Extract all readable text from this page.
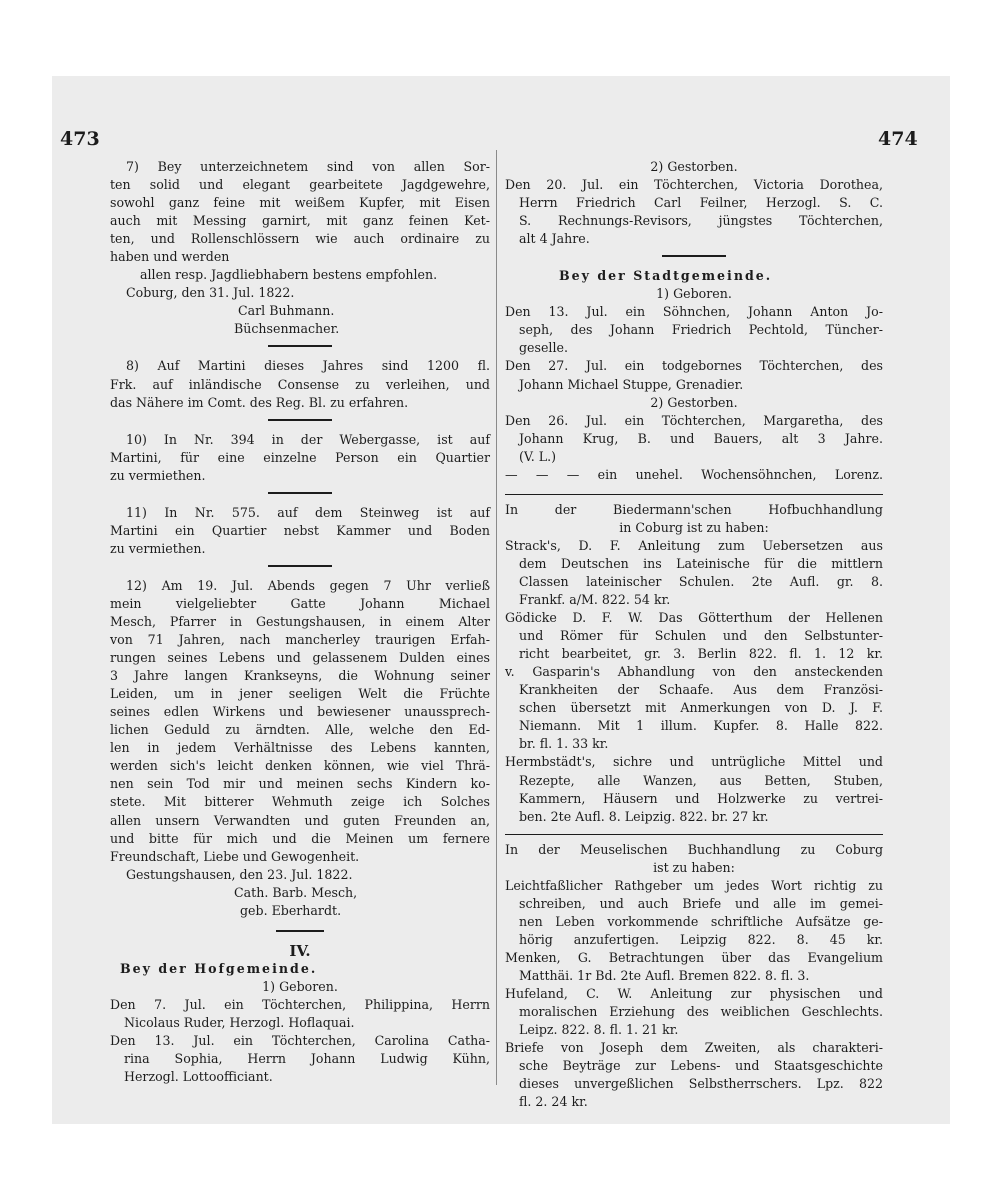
473	474
7) Bey unterzeichnetem sind von allen Sor-
ten solid und elegant gearbeitete Jagdgewehre,
sowohl ganz feine mit weißem Kupfer, mit Eisen
auch mit Messing garnirt, mit ganz feinen Ket-
ten, und Rollenschlössern wie auch ordinaire zu
haben und werden
allen resp. Jagdliebhabern bestens empfohlen.
Coburg, den 31. Jul. 1822.
Carl Buhmann.
Büchsenmacher.
8) Auf Martini dieses Jahres sind 1200 fl.
Frk. auf inländische Consense zu verleihen, und
das Nähere im Comt. des Reg. Bl. zu erfahren.
10) In Nr. 394 in der Webergasse, ist auf
Martini, für eine einzelne Person ein Quartier
zu vermiethen.
11) In Nr. 575. auf dem Steinweg ist auf
Martini ein Quartier nebst Kammer und Boden
zu vermiethen.
12) Am 19. Jul. Abends gegen 7 Uhr verließ
mein vielgeliebter Gatte Johann Michael
Mesch, Pfarrer in Gestungshausen, in einem Alter
von 71 Jahren, nach mancherley traurigen Erfah-
rungen seines Lebens und gelassenem Dulden eines
3 Jahre langen Krankseyns, die Wohnung seiner
Leiden, um in jener seeligen Welt die Früchte
seines edlen Wirkens und bewiesener unaussprech-
lichen Geduld zu ärndten. Alle, welche den Ed-
len in jedem Verhältnisse des Lebens kannten,
werden sich's leicht denken können, wie viel Thrä-
nen sein Tod mir und meinen sechs Kindern ko-
stete. Mit bitterer Wehmuth zeige ich Solches
allen unsern Verwandten und guten Freunden an,
und bitte für mich und die Meinen um fernere
Freundschaft, Liebe und Gewogenheit.
Gestungshausen, den 23. Jul. 1822.
Cath. Barb. Mesch,
geb. Eberhardt.
IV.
Bey der Hofgemeinde.
1) Geboren.
Den 7. Jul. ein Töchterchen, Philippina, Herrn
Nicolaus Ruder, Herzogl. Hoflaquai.
Den 13. Jul. ein Töchterchen, Carolina Catha-
rina Sophia, Herrn Johann Ludwig Kühn,
Herzogl. Lottoofficiant.
2) Gestorben.
Den 20. Jul. ein Töchterchen, Victoria Dorothea,
Herrn Friedrich Carl Feilner, Herzogl. S. C.
S. Rechnungs-Revisors, jüngstes Töchterchen,
alt 4 Jahre.
Bey der Stadtgemeinde.
1) Geboren.
Den 13. Jul. ein Söhnchen, Johann Anton Jo-
seph, des Johann Friedrich Pechtold, Tüncher-
geselle.
Den 27. Jul. ein todgebornes Töchterchen, des
Johann Michael Stuppe, Grenadier.
2) Gestorben.
Den 26. Jul. ein Töchterchen, Margaretha, des
Johann Krug, B. und Bauers, alt 3 Jahre.
(V. L.)
— — — ein unehel. Wochensöhnchen, Lorenz.
In der Biedermann'schen Hofbuchhandlung
in Coburg ist zu haben:
Strack's, D. F. Anleitung zum Uebersetzen aus
dem Deutschen ins Lateinische für die mittlern
Classen lateinischer Schulen. 2te Aufl. gr. 8.
Frankf. a/M. 822. 54 kr.
Gödicke D. F. W. Das Götterthum der Hellenen
und Römer für Schulen und den Selbstunter-
richt bearbeitet, gr. 3. Berlin 822. fl. 1. 12 kr.
v. Gasparin's Abhandlung von den ansteckenden
Krankheiten der Schaafe. Aus dem Französi-
schen übersetzt mit Anmerkungen von D. J. F.
Niemann. Mit 1 illum. Kupfer. 8. Halle 822.
br. fl. 1. 33 kr.
Hermbstädt's, sichre und untrügliche Mittel und
Rezepte, alle Wanzen, aus Betten, Stuben,
Kammern, Häusern und Holzwerke zu vertrei-
ben. 2te Aufl. 8. Leipzig. 822. br. 27 kr.
In der Meuselischen Buchhandlung zu Coburg
ist zu haben:
Leichtfaßlicher Rathgeber um jedes Wort richtig zu
schreiben, und auch Briefe und alle im gemei-
nen Leben vorkommende schriftliche Aufsätze ge-
hörig anzufertigen. Leipzig 822. 8. 45 kr.
Menken, G. Betrachtungen über das Evangelium
Matthäi. 1r Bd. 2te Aufl. Bremen 822. 8. fl. 3.
Hufeland, C. W. Anleitung zur physischen und
moralischen Erziehung des weiblichen Geschlechts.
Leipz. 822. 8. fl. 1. 21 kr.
Briefe von Joseph dem Zweiten, als charakteri-
sche Beyträge zur Lebens- und Staatsgeschichte
dieses unvergeßlichen Selbstherrschers. Lpz. 822
fl. 2. 24 kr.
